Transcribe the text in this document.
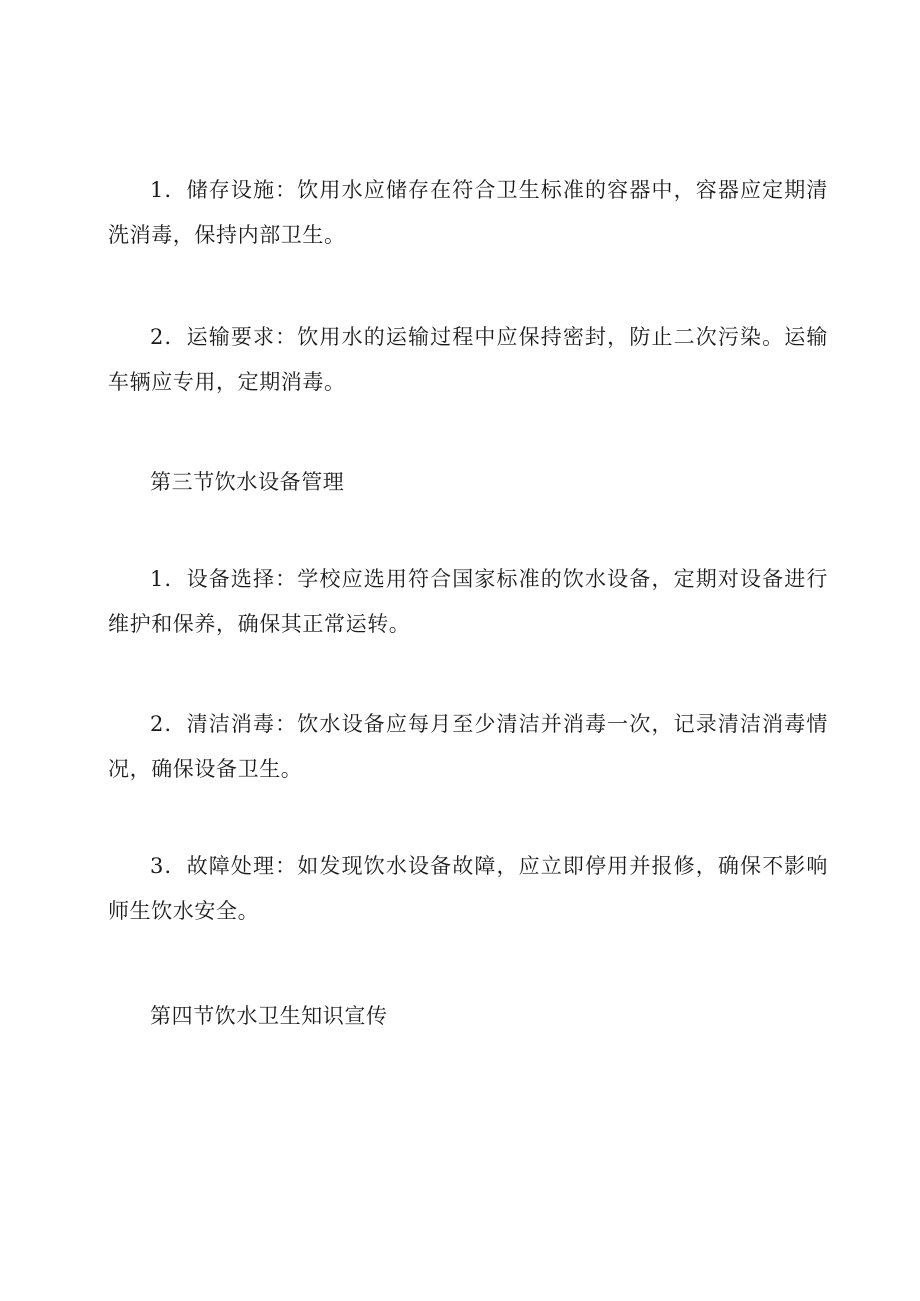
1．储存设施：饮用水应储存在符合卫生标准的容器中，容器应定期清洗消毒，保持内部卫生。

2．运输要求：饮用水的运输过程中应保持密封，防止二次污染。运输车辆应专用，定期消毒。

第三节饮水设备管理

1．设备选择：学校应选用符合国家标准的饮水设备，定期对设备进行维护和保养，确保其正常运转。

2．清洁消毒：饮水设备应每月至少清洁并消毒一次，记录清洁消毒情况，确保设备卫生。

3．故障处理：如发现饮水设备故障，应立即停用并报修，确保不影响师生饮水安全。

第四节饮水卫生知识宣传
